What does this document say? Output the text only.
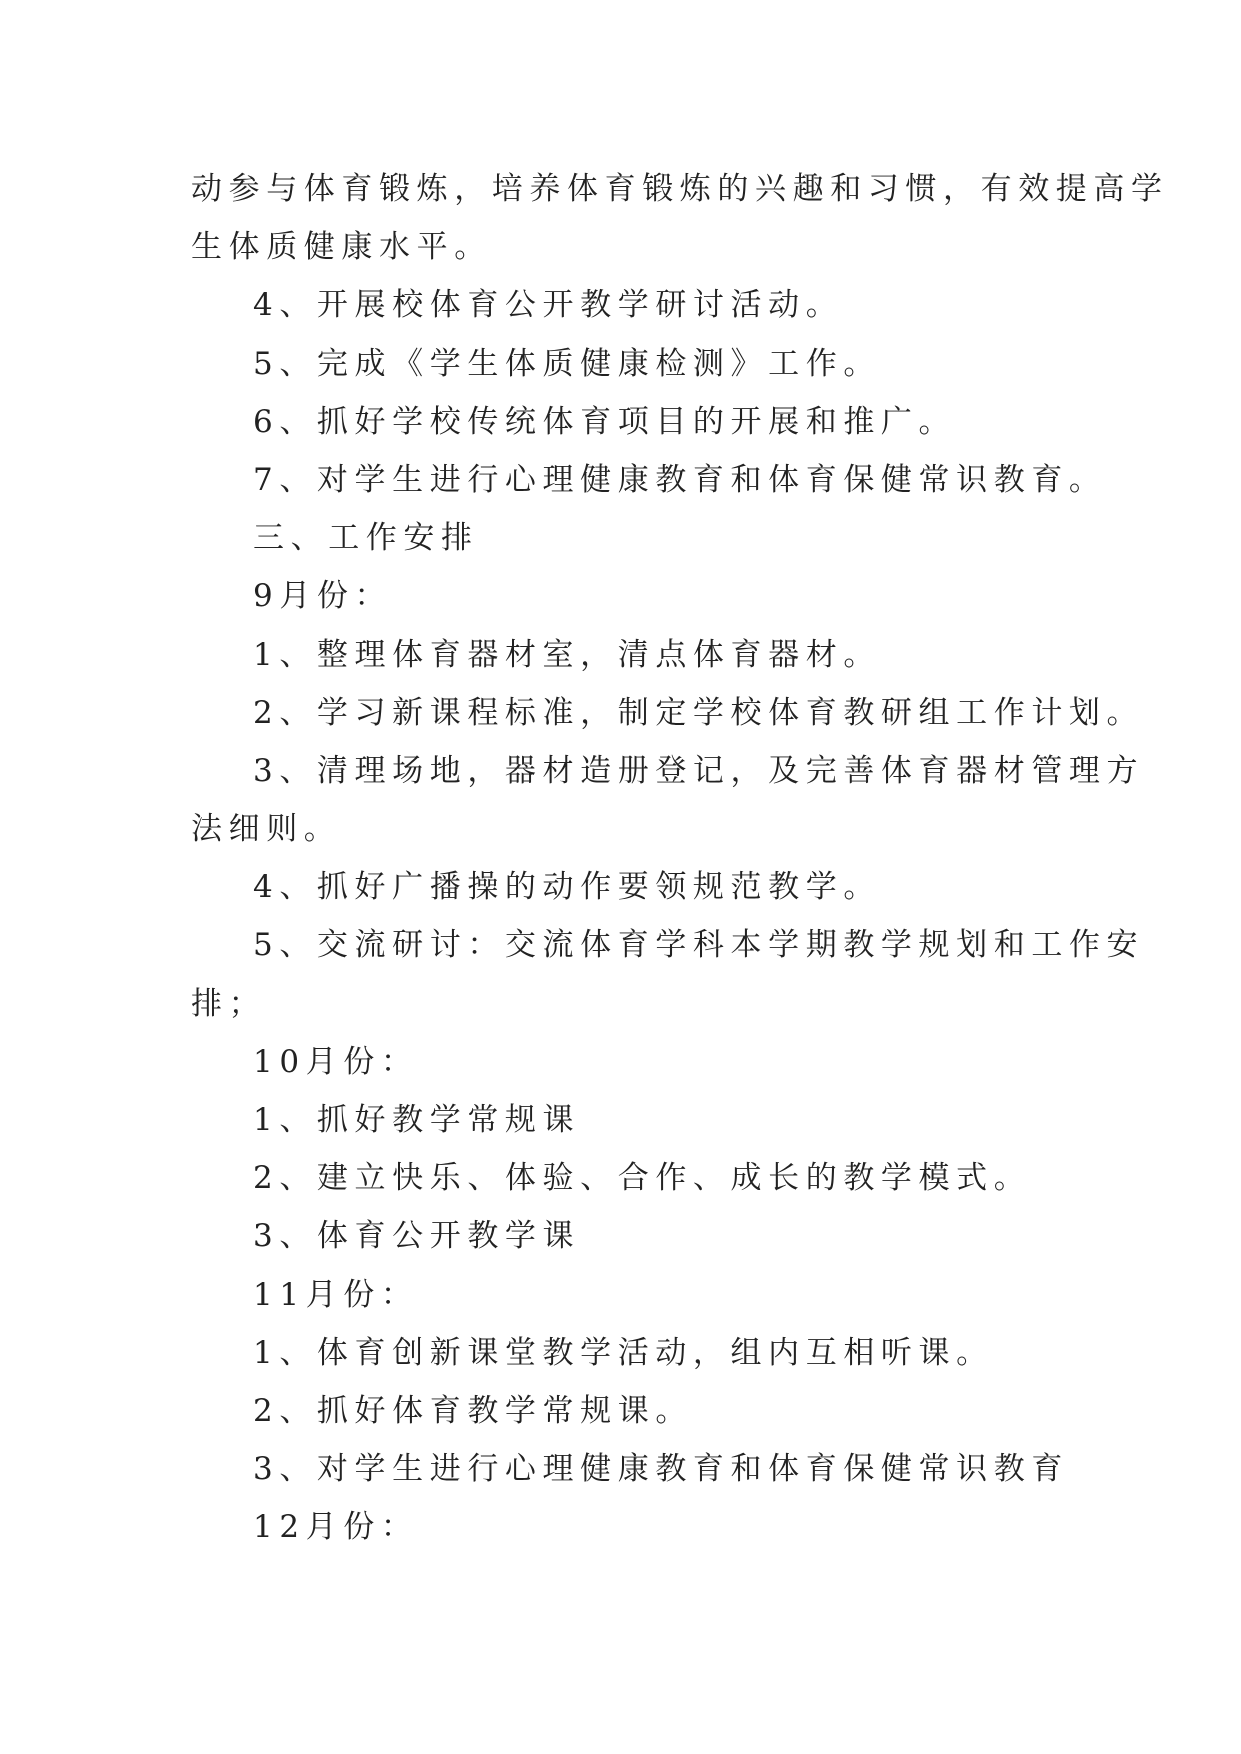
动参与体育锻炼，培养体育锻炼的兴趣和习惯，有效提高学
生体质健康水平。
4、开展校体育公开教学研讨活动。
5、完成《学生体质健康检测》工作。
6、抓好学校传统体育项目的开展和推广。
7、对学生进行心理健康教育和体育保健常识教育。
三、工作安排
9月份：
1、整理体育器材室，清点体育器材。
2、学习新课程标准，制定学校体育教研组工作计划。
3、清理场地，器材造册登记，及完善体育器材管理方
法细则。
4、抓好广播操的动作要领规范教学。
5、交流研讨：交流体育学科本学期教学规划和工作安
排；
10月份：
1、抓好教学常规课
2、建立快乐、体验、合作、成长的教学模式。
3、体育公开教学课
11月份：
1、体育创新课堂教学活动，组内互相听课。
2、抓好体育教学常规课。
3、对学生进行心理健康教育和体育保健常识教育
12月份：
